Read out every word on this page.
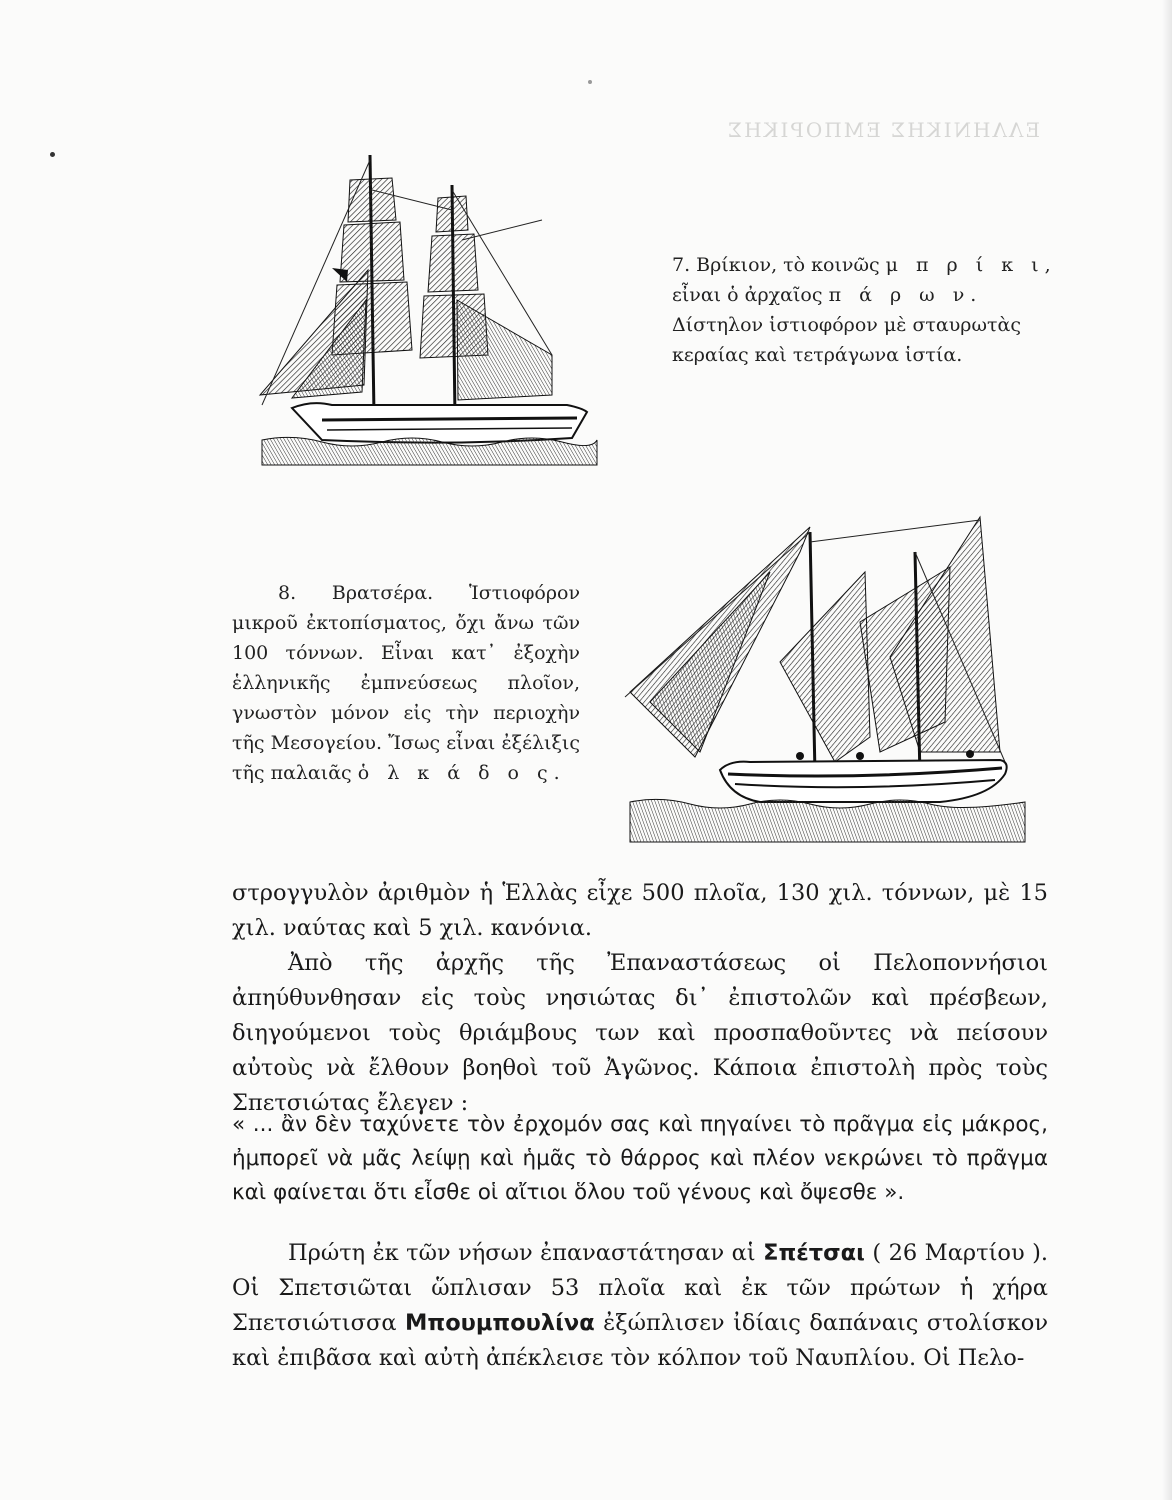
ΕΛΛΗΝΙΚΗΣ ΕΜΠΟΡΙΚΗΣ

7. Βρίκιον, τὸ κοινῶς μ π ρ ί κ ι,
εἶναι ὁ ἀρχαῖος π ά ρ ω ν. Δίστηλον ἱστιοφόρον μὲ σταυρωτὰς κεραίας καὶ τετράγωνα ἱστία.

8. Βρατσέρα. Ἱστιοφόρον μικροῦ ἐκτοπίσματος, ὄχι ἄνω τῶν 100 τόννων. Εἶναι κατ᾽ ἐξοχὴν ἑλληνικῆς ἐμπνεύσεως πλοῖον, γνωστὸν μόνον εἰς τὴν περιοχὴν τῆς Μεσογείου. Ἴσως εἶναι ἐξέλιξις τῆς παλαιᾶς ὁ λ κ ά δ ο ς.

στρογγυλὸν ἀριθμὸν ἡ Ἑλλὰς εἶχε 500 πλοῖα, 130 χιλ. τόννων, μὲ 15 χιλ. ναύτας καὶ 5 χιλ. κανόνια.

Ἀπὸ τῆς ἀρχῆς τῆς Ἐπαναστάσεως οἱ Πελοποννήσιοι ἀπηύθυνθησαν εἰς τοὺς νησιώτας δι᾽ ἐπιστολῶν καὶ πρέσβεων, διηγούμενοι τοὺς θριάμβους των καὶ προσπαθοῦντες νὰ πείσουν αὐτοὺς νὰ ἔλθουν βοηθοὶ τοῦ Ἀγῶνος. Κάποια ἐπιστολὴ πρὸς τοὺς Σπετσιώτας ἔλεγεν :

« ... ἂν δὲν ταχύνετε τὸν ἐρχομόν σας καὶ πηγαίνει τὸ πρᾶγμα εἰς μάκρος, ἠμπορεῖ νὰ μᾶς λείψῃ καὶ ἡμᾶς τὸ θάρρος καὶ πλέον νεκρώνει τὸ πρᾶγμα καὶ φαίνεται ὅτι εἶσθε οἱ αἴτιοι ὅλου τοῦ γένους καὶ ὄψεσθε ».

Πρώτη ἐκ τῶν νήσων ἐπαναστάτησαν αἱ Σπέτσαι ( 26 Μαρτίου ). Οἱ Σπετσιῶται ὥπλισαν 53 πλοῖα καὶ ἐκ τῶν πρώτων ἡ χήρα Σπετσιώτισσα Μπουμπουλίνα ἐξώπλισεν ἰδίαις δαπάναις στολίσκον καὶ ἐπιβᾶσα καὶ αὐτὴ ἀπέκλεισε τὸν κόλπον τοῦ Ναυπλίου. Οἱ Πελο-
